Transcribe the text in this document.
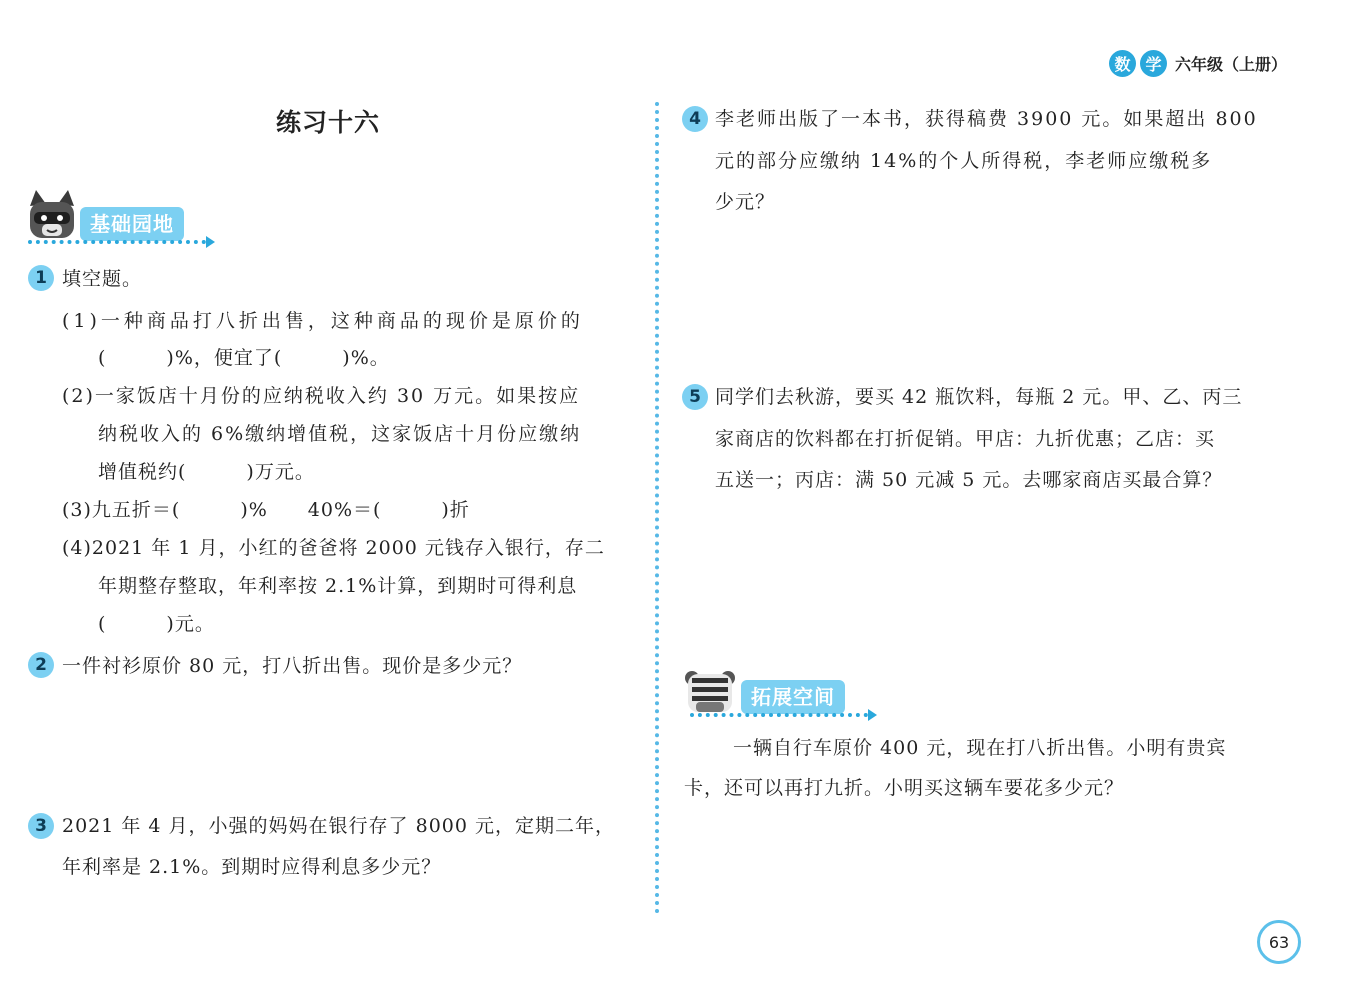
数 学 六年级（上册）
练习十六
基础园地
1 填空题。
(1)一种商品打八折出售，这种商品的现价是原价的
(　　　)%，便宜了(　　　)%。
(2)一家饭店十月份的应纳税收入约 30 万元。如果按应
纳税收入的 6%缴纳增值税，这家饭店十月份应缴纳
增值税约(　　　)万元。
(3)九五折＝(　　　)%　　40%＝(　　　)折
(4)2021 年 1 月，小红的爸爸将 2000 元钱存入银行，存二
年期整存整取，年利率按 2.1%计算，到期时可得利息
(　　　)元。
2 一件衬衫原价 80 元，打八折出售。现价是多少元？
3 2021 年 4 月，小强的妈妈在银行存了 8000 元，定期二年，
年利率是 2.1%。到期时应得利息多少元？
4 李老师出版了一本书，获得稿费 3900 元。如果超出 800
元的部分应缴纳 14%的个人所得税，李老师应缴税多
少元？
5 同学们去秋游，要买 42 瓶饮料，每瓶 2 元。甲、乙、丙三
家商店的饮料都在打折促销。甲店：九折优惠；乙店：买
五送一；丙店：满 50 元减 5 元。去哪家商店买最合算？
拓展空间
一辆自行车原价 400 元，现在打八折出售。小明有贵宾
卡，还可以再打九折。小明买这辆车要花多少元？
63
